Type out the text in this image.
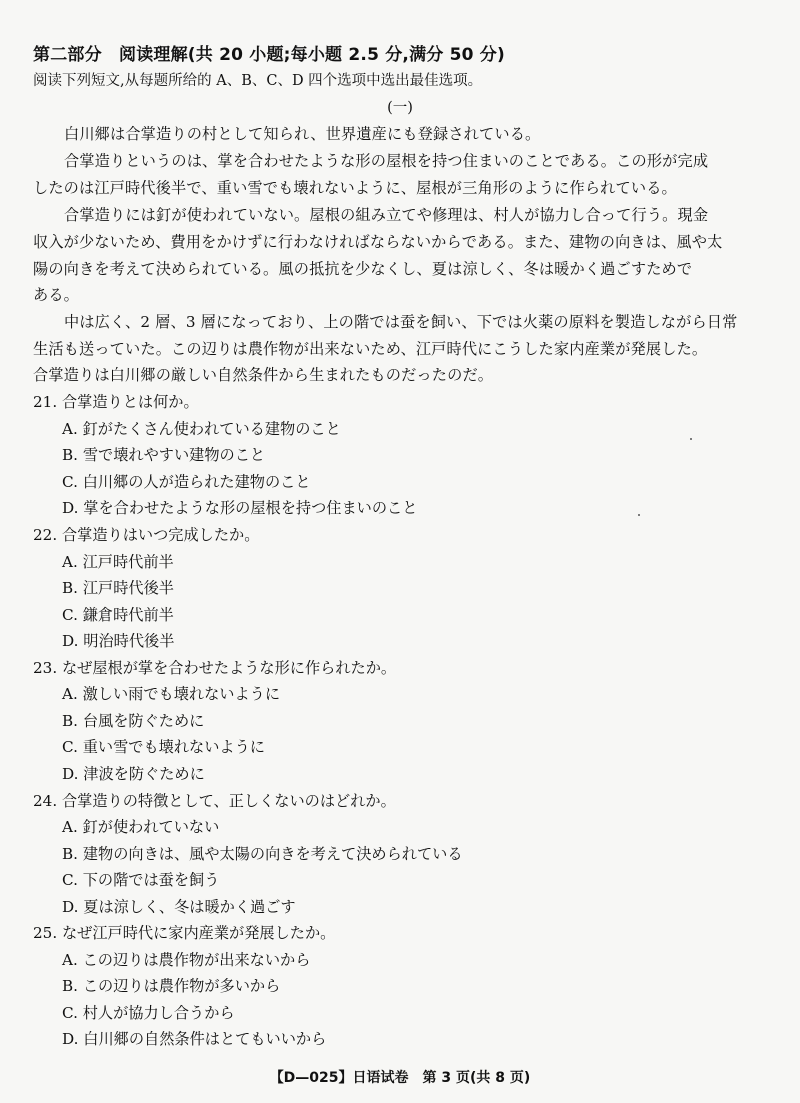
第二部分　阅读理解(共 20 小题;每小题 2.5 分,满分 50 分)
阅读下列短文,从每题所给的 A、B、C、D 四个选项中选出最佳选项。
(一)
白川郷は合掌造りの村として知られ、世界遺産にも登録されている。
合掌造りというのは、掌を合わせたような形の屋根を持つ住まいのことである。この形が完成
したのは江戸時代後半で、重い雪でも壊れないように、屋根が三角形のように作られている。
合掌造りには釘が使われていない。屋根の組み立てや修理は、村人が協力し合って行う。現金
収入が少ないため、費用をかけずに行わなければならないからである。また、建物の向きは、風や太
陽の向きを考えて決められている。風の抵抗を少なくし、夏は涼しく、冬は暖かく過ごすためで
ある。
中は広く、2 層、3 層になっており、上の階では蚕を飼い、下では火薬の原料を製造しながら日常
生活も送っていた。この辺りは農作物が出来ないため、江戸時代にこうした家内産業が発展した。
合掌造りは白川郷の厳しい自然条件から生まれたものだったのだ。
21. 合掌造りとは何か。
A. 釘がたくさん使われている建物のこと
B. 雪で壊れやすい建物のこと
C. 白川郷の人が造られた建物のこと
D. 掌を合わせたような形の屋根を持つ住まいのこと
22. 合掌造りはいつ完成したか。
A. 江戸時代前半
B. 江戸時代後半
C. 鎌倉時代前半
D. 明治時代後半
23. なぜ屋根が掌を合わせたような形に作られたか。
A. 激しい雨でも壊れないように
B. 台風を防ぐために
C. 重い雪でも壊れないように
D. 津波を防ぐために
24. 合掌造りの特徴として、正しくないのはどれか。
A. 釘が使われていない
B. 建物の向きは、風や太陽の向きを考えて決められている
C. 下の階では蚕を飼う
D. 夏は涼しく、冬は暖かく過ごす
25. なぜ江戸時代に家内産業が発展したか。
A. この辺りは農作物が出来ないから
B. この辺りは農作物が多いから
C. 村人が協力し合うから
D. 白川郷の自然条件はとてもいいから
【D—025】日语试卷　第 3 页(共 8 页)
